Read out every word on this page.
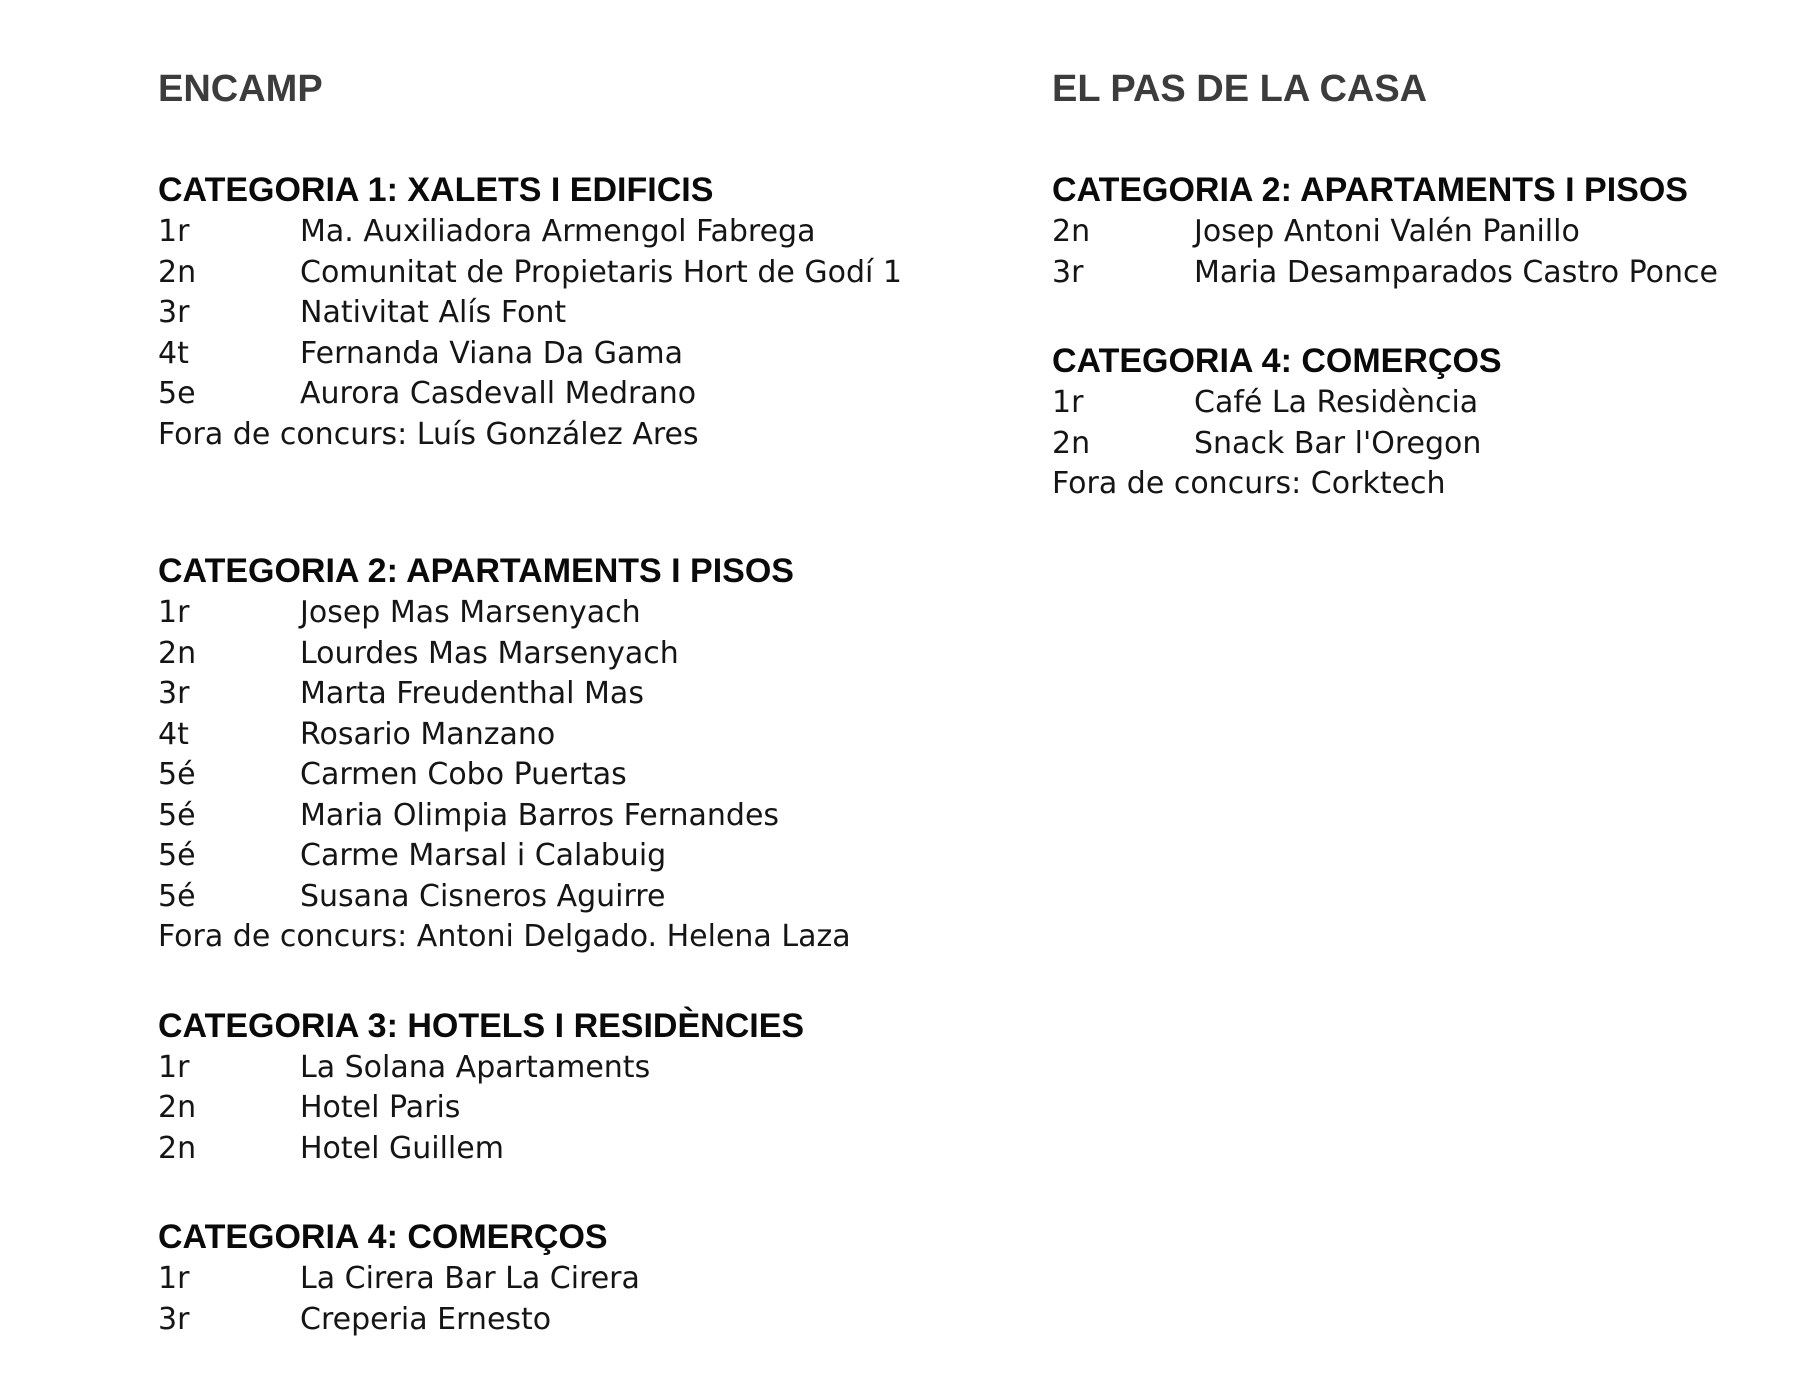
ENCAMP
CATEGORIA 1: XALETS I EDIFICIS
1r	Ma. Auxiliadora Armengol Fabrega
2n	Comunitat de Propietaris Hort de Godí 1
3r	Nativitat Alís Font
4t	Fernanda Viana Da Gama
5e	Aurora Casdevall Medrano
Fora de concurs: Luís González Ares
CATEGORIA 2: APARTAMENTS I PISOS
1r	Josep Mas Marsenyach
2n	Lourdes Mas Marsenyach
3r	Marta Freudenthal Mas
4t	Rosario Manzano
5é	Carmen Cobo Puertas
5é	Maria Olimpia Barros Fernandes
5é	Carme Marsal i Calabuig
5é	Susana Cisneros Aguirre
Fora de concurs: Antoni Delgado. Helena Laza
CATEGORIA 3: HOTELS I RESIDÈNCIES
1r	La Solana Apartaments
2n	Hotel Paris
2n	Hotel Guillem
CATEGORIA 4: COMERÇOS
1r	La Cirera Bar La Cirera
3r	Creperia Ernesto
EL PAS DE LA CASA
CATEGORIA 2: APARTAMENTS I PISOS
2n	Josep Antoni Valén Panillo
3r	Maria Desamparados Castro Ponce
CATEGORIA 4: COMERÇOS
1r	Café La Residència
2n	Snack Bar l'Oregon
Fora de concurs: Corktech
